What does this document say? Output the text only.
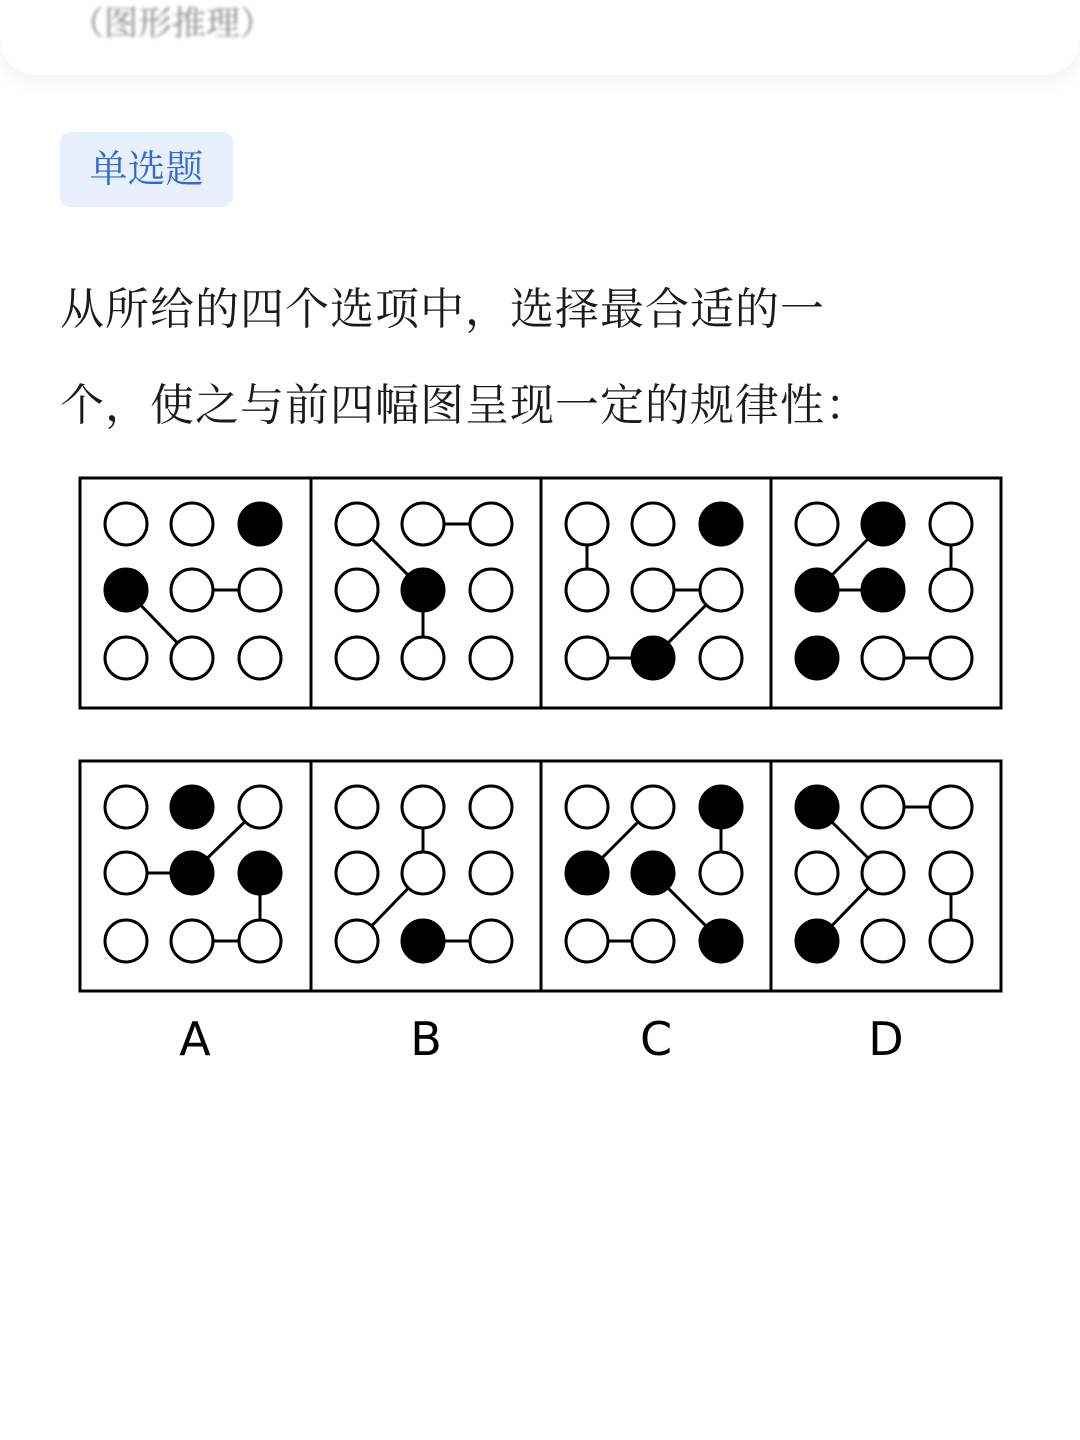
（图形推理）
单选题
从所给的四个选项中，选择最合适的一
个，使之与前四幅图呈现一定的规律性：
A	B	C	D
